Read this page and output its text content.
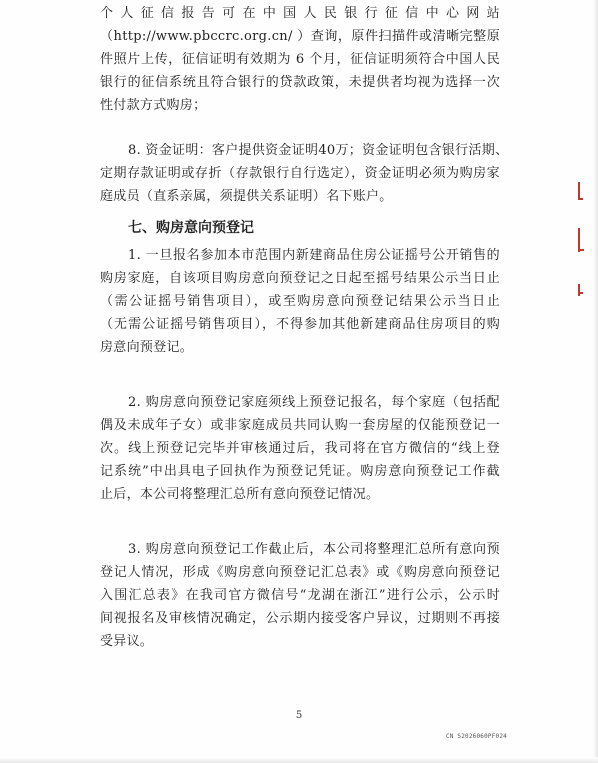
个人征信报告可在中国人民银行征信中心网站
（http://www.pbccrc.org.cn/ ）查询，原件扫描件或清晰完整原
件照片上传，征信证明有效期为 6 个月，征信证明须符合中国人民
银行的征信系统且符合银行的贷款政策，未提供者均视为选择一次
性付款方式购房；
8. 资金证明：客户提供资金证明40万；资金证明包含银行活期、
定期存款证明或存折（存款银行自行选定），资金证明必须为购房家
庭成员（直系亲属，须提供关系证明）名下账户。
七、购房意向预登记
1. 一旦报名参加本市范围内新建商品住房公证摇号公开销售的
购房家庭，自该项目购房意向预登记之日起至摇号结果公示当日止
（需公证摇号销售项目），或至购房意向预登记结果公示当日止
（无需公证摇号销售项目），不得参加其他新建商品住房项目的购
房意向预登记。
2. 购房意向预登记家庭须线上预登记报名，每个家庭（包括配
偶及未成年子女）或非家庭成员共同认购一套房屋的仅能预登记一
次。线上预登记完毕并审核通过后，我司将在官方微信的“线上登
记系统”中出具电子回执作为预登记凭证。购房意向预登记工作截
止后，本公司将整理汇总所有意向预登记情况。
3. 购房意向预登记工作截止后，本公司将整理汇总所有意向预
登记人情况，形成《购房意向预登记汇总表》或《购房意向预登记
入围汇总表》在我司官方微信号“龙湖在浙江”进行公示，公示时
间视报名及审核情况确定，公示期内接受客户异议，过期则不再接
受异议。
5
CN S2026060PF024
